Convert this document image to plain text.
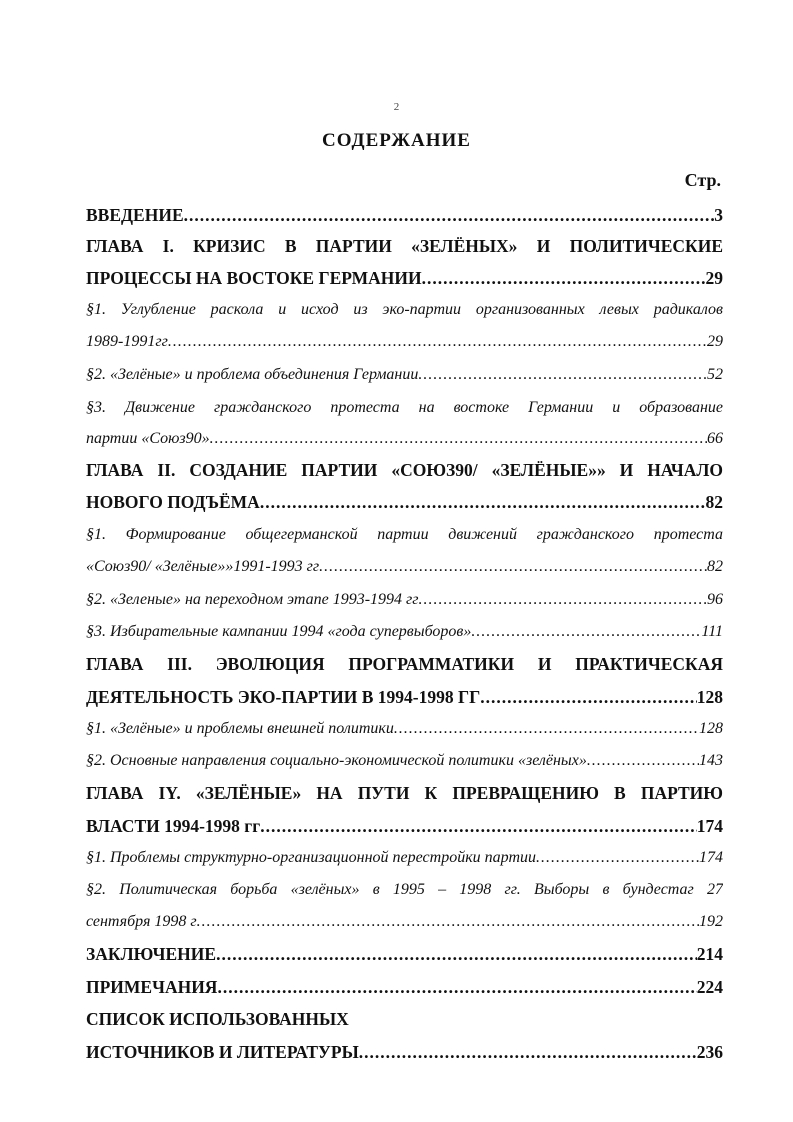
2
СОДЕРЖАНИЕ
Стр.
ВВЕДЕНИЕ .....	3
ГЛАВА I. КРИЗИС В ПАРТИИ «ЗЕЛЁНЫХ» И ПОЛИТИЧЕСКИЕ
ПРОЦЕССЫ НА ВОСТОКЕ ГЕРМАНИИ .....	29
§1. Углубление раскола и исход из эко-партии организованных левых радикалов
1989-1991гг .....	29
§2. «Зелёные» и проблема объединения Германии .....	52
§3. Движение гражданского протеста на востоке Германии и образование
партии «Союз90» .....	66
ГЛАВА II. СОЗДАНИЕ ПАРТИИ «СОЮЗ90/ «ЗЕЛЁНЫЕ»» И НАЧАЛО
НОВОГО ПОДЪЁМА .....	82
§1. Формирование общегерманской партии движений гражданского протеста
«Союз90/ «Зелёные»»1991-1993 гг .....	82
§2. «Зеленые» на переходном этапе 1993-1994 гг .....	96
§3. Избирательные кампании 1994 «года супервыборов» .....	111
ГЛАВА III. ЭВОЛЮЦИЯ ПРОГРАММАТИКИ И ПРАКТИЧЕСКАЯ
ДЕЯТЕЛЬНОСТЬ ЭКО-ПАРТИИ В 1994-1998 ГГ .....	128
§1. «Зелёные» и проблемы внешней политики .....	128
§2. Основные направления социально-экономической политики «зелёных» .....	143
ГЛАВА IY. «ЗЕЛЁНЫЕ» НА ПУТИ К ПРЕВРАЩЕНИЮ В ПАРТИЮ
ВЛАСТИ 1994-1998 гг .....	174
§1. Проблемы структурно-организационной перестройки партии .....	174
§2. Политическая борьба «зелёных» в 1995 – 1998 гг. Выборы в бундестаг 27
сентября 1998 г .....	192
ЗАКЛЮЧЕНИЕ .....	214
ПРИМЕЧАНИЯ .....	224
СПИСОК ИСПОЛЬЗОВАННЫХ
ИСТОЧНИКОВ И ЛИТЕРАТУРЫ .....	236
